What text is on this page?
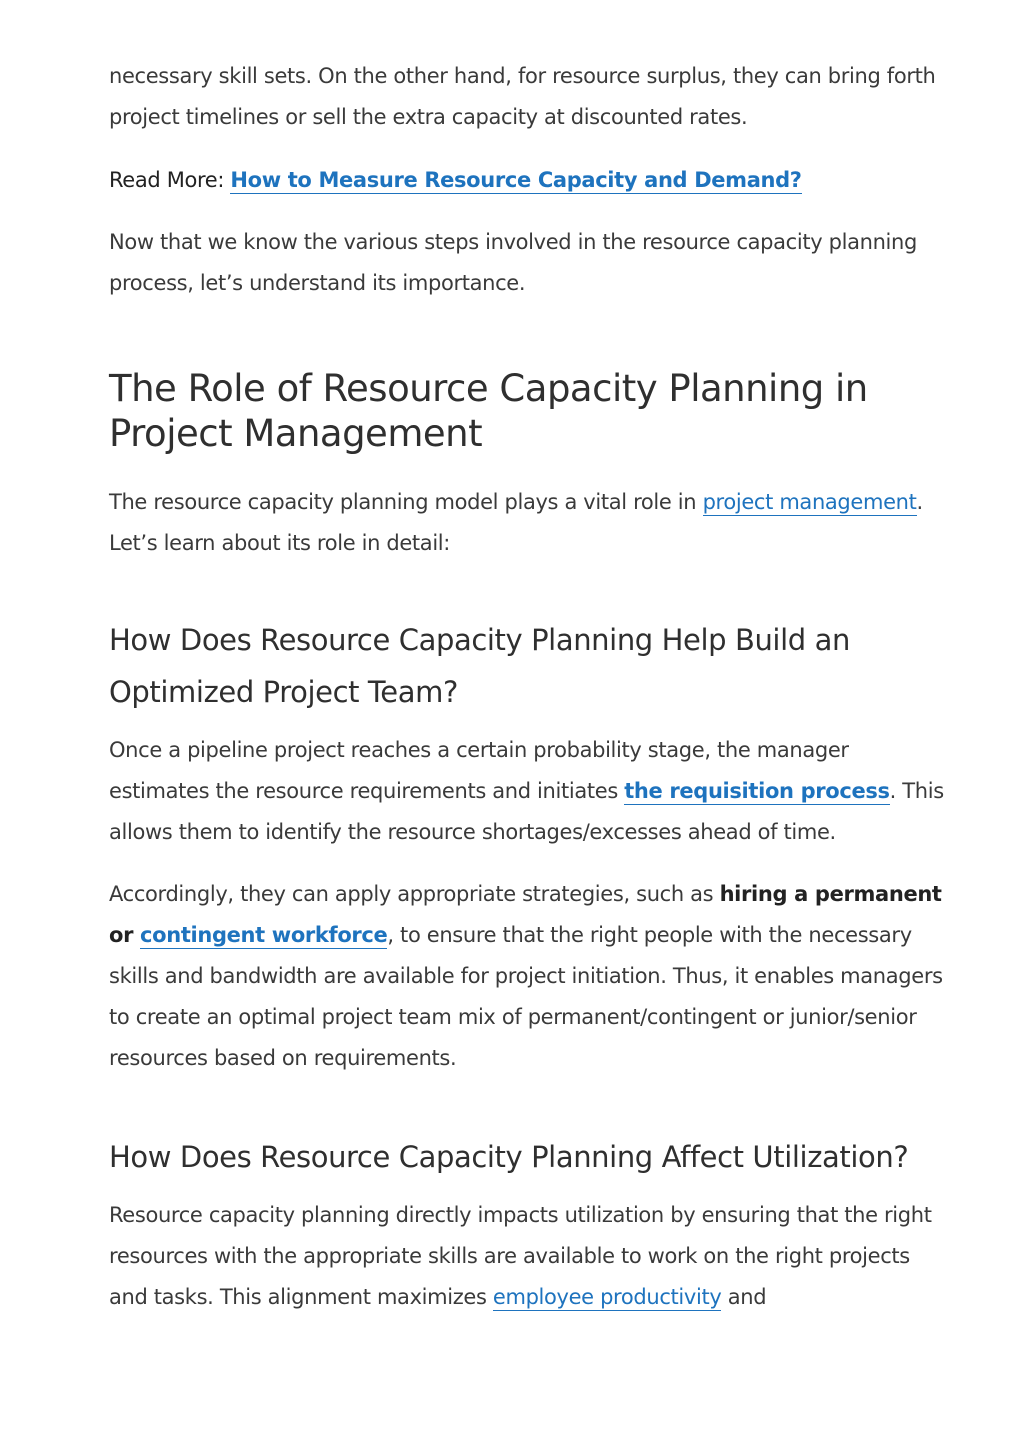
necessary skill sets. On the other hand, for resource surplus, they can bring forth project timelines or sell the extra capacity at discounted rates.

Read More: How to Measure Resource Capacity and Demand?

Now that we know the various steps involved in the resource capacity planning process, let’s understand its importance.

The Role of Resource Capacity Planning in Project Management

The resource capacity planning model plays a vital role in project management. Let’s learn about its role in detail:

How Does Resource Capacity Planning Help Build an Optimized Project Team?

Once a pipeline project reaches a certain probability stage, the manager estimates the resource requirements and initiates the requisition process. This allows them to identify the resource shortages/excesses ahead of time.

Accordingly, they can apply appropriate strategies, such as hiring a permanent or contingent workforce, to ensure that the right people with the necessary skills and bandwidth are available for project initiation. Thus, it enables managers to create an optimal project team mix of permanent/contingent or junior/senior resources based on requirements.

How Does Resource Capacity Planning Affect Utilization?

Resource capacity planning directly impacts utilization by ensuring that the right resources with the appropriate skills are available to work on the right projects and tasks. This alignment maximizes employee productivity and
